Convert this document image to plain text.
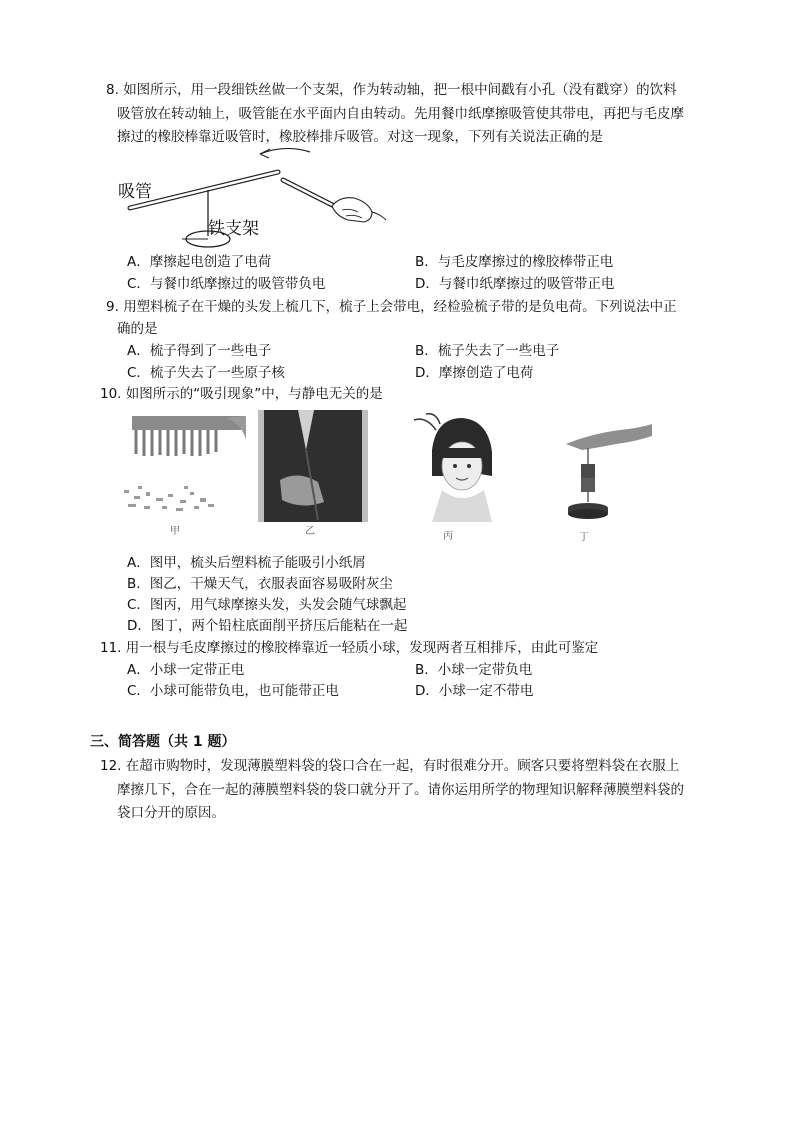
8. 如图所示，用一段细铁丝做一个支架，作为转动轴，把一根中间戳有小孔（没有戳穿）的饮料
吸管放在转动轴上，吸管能在水平面内自由转动。先用餐巾纸摩擦吸管使其带电，再把与毛皮摩
擦过的橡胶棒靠近吸管时，橡胶棒排斥吸管。对这一现象，下列有关说法正确的是
吸管
铁支架
A．摩擦起电创造了电荷	B．与毛皮摩擦过的橡胶棒带正电
C．与餐巾纸摩擦过的吸管带负电	D．与餐巾纸摩擦过的吸管带正电
9. 用塑料梳子在干燥的头发上梳几下，梳子上会带电，经检验梳子带的是负电荷。下列说法中正
确的是
A．梳子得到了一些电子	B．梳子失去了一些电子
C．梳子失去了一些原子核	D．摩擦创造了电荷
10. 如图所示的“吸引现象”中，与静电无关的是
甲	乙	丙	丁
A．图甲，梳头后塑料梳子能吸引小纸屑
B．图乙，干燥天气，衣服表面容易吸附灰尘
C．图丙，用气球摩擦头发，头发会随气球飘起
D．图丁，两个铅柱底面削平挤压后能粘在一起
11. 用一根与毛皮摩擦过的橡胶棒靠近一轻质小球，发现两者互相排斥，由此可鉴定
A．小球一定带正电	B．小球一定带负电
C．小球可能带负电，也可能带正电	D．小球一定不带电
三、简答题（共 1 题）
12. 在超市购物时，发现薄膜塑料袋的袋口合在一起，有时很难分开。顾客只要将塑料袋在衣服上
摩擦几下，合在一起的薄膜塑料袋的袋口就分开了。请你运用所学的物理知识解释薄膜塑料袋的
袋口分开的原因。
